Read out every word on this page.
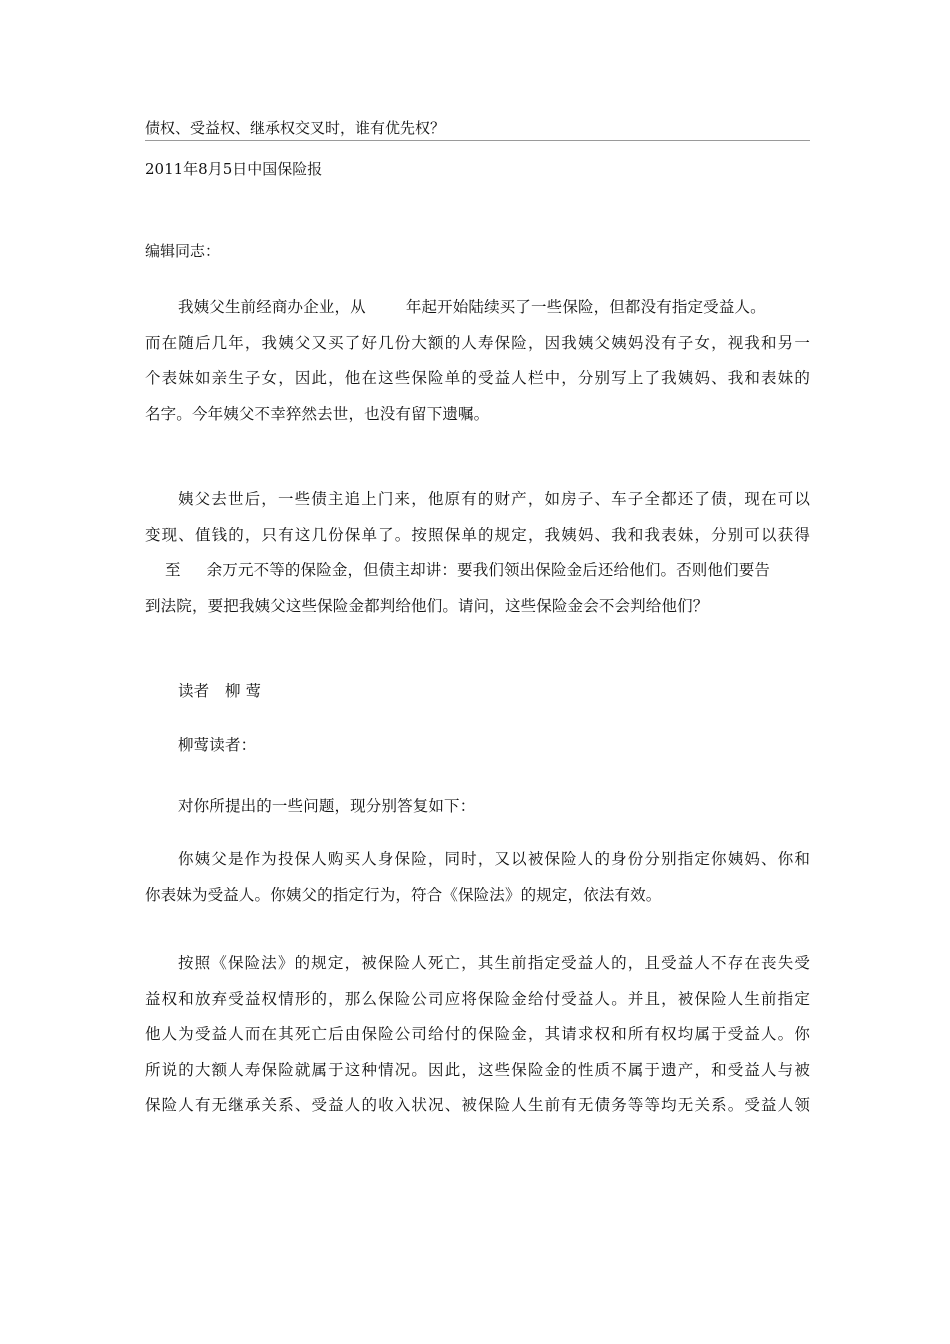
债权、受益权、继承权交叉时，谁有优先权？
2011年8月5日中国保险报
编辑同志：
我姨父生前经商办企业，从	年起开始陆续买了一些保险，但都没有指定受益人。
而在随后几年，我姨父又买了好几份大额的人寿保险，因我姨父姨妈没有子女，视我和另一
个表妹如亲生子女，因此，他在这些保险单的受益人栏中，分别写上了我姨妈、我和表妹的
名字。今年姨父不幸猝然去世，也没有留下遗嘱。
姨父去世后，一些债主追上门来，他原有的财产，如房子、车子全都还了债，现在可以
变现、值钱的，只有这几份保单了。按照保单的规定，我姨妈、我和我表妹，分别可以获得
至 余万元不等的保险金，但债主却讲：要我们领出保险金后还给他们。否则他们要告
到法院，要把我姨父这些保险金都判给他们。请问，这些保险金会不会判给他们？
读者　柳 莺
柳莺读者：
对你所提出的一些问题，现分别答复如下：
你姨父是作为投保人购买人身保险，同时，又以被保险人的身份分别指定你姨妈、你和
你表妹为受益人。你姨父的指定行为，符合《保险法》的规定，依法有效。
按照《保险法》的规定，被保险人死亡，其生前指定受益人的，且受益人不存在丧失受
益权和放弃受益权情形的，那么保险公司应将保险金给付受益人。并且，被保险人生前指定
他人为受益人而在其死亡后由保险公司给付的保险金，其请求权和所有权均属于受益人。你
所说的大额人寿保险就属于这种情况。因此，这些保险金的性质不属于遗产，和受益人与被
保险人有无继承关系、受益人的收入状况、被保险人生前有无债务等等均无关系。受益人领
